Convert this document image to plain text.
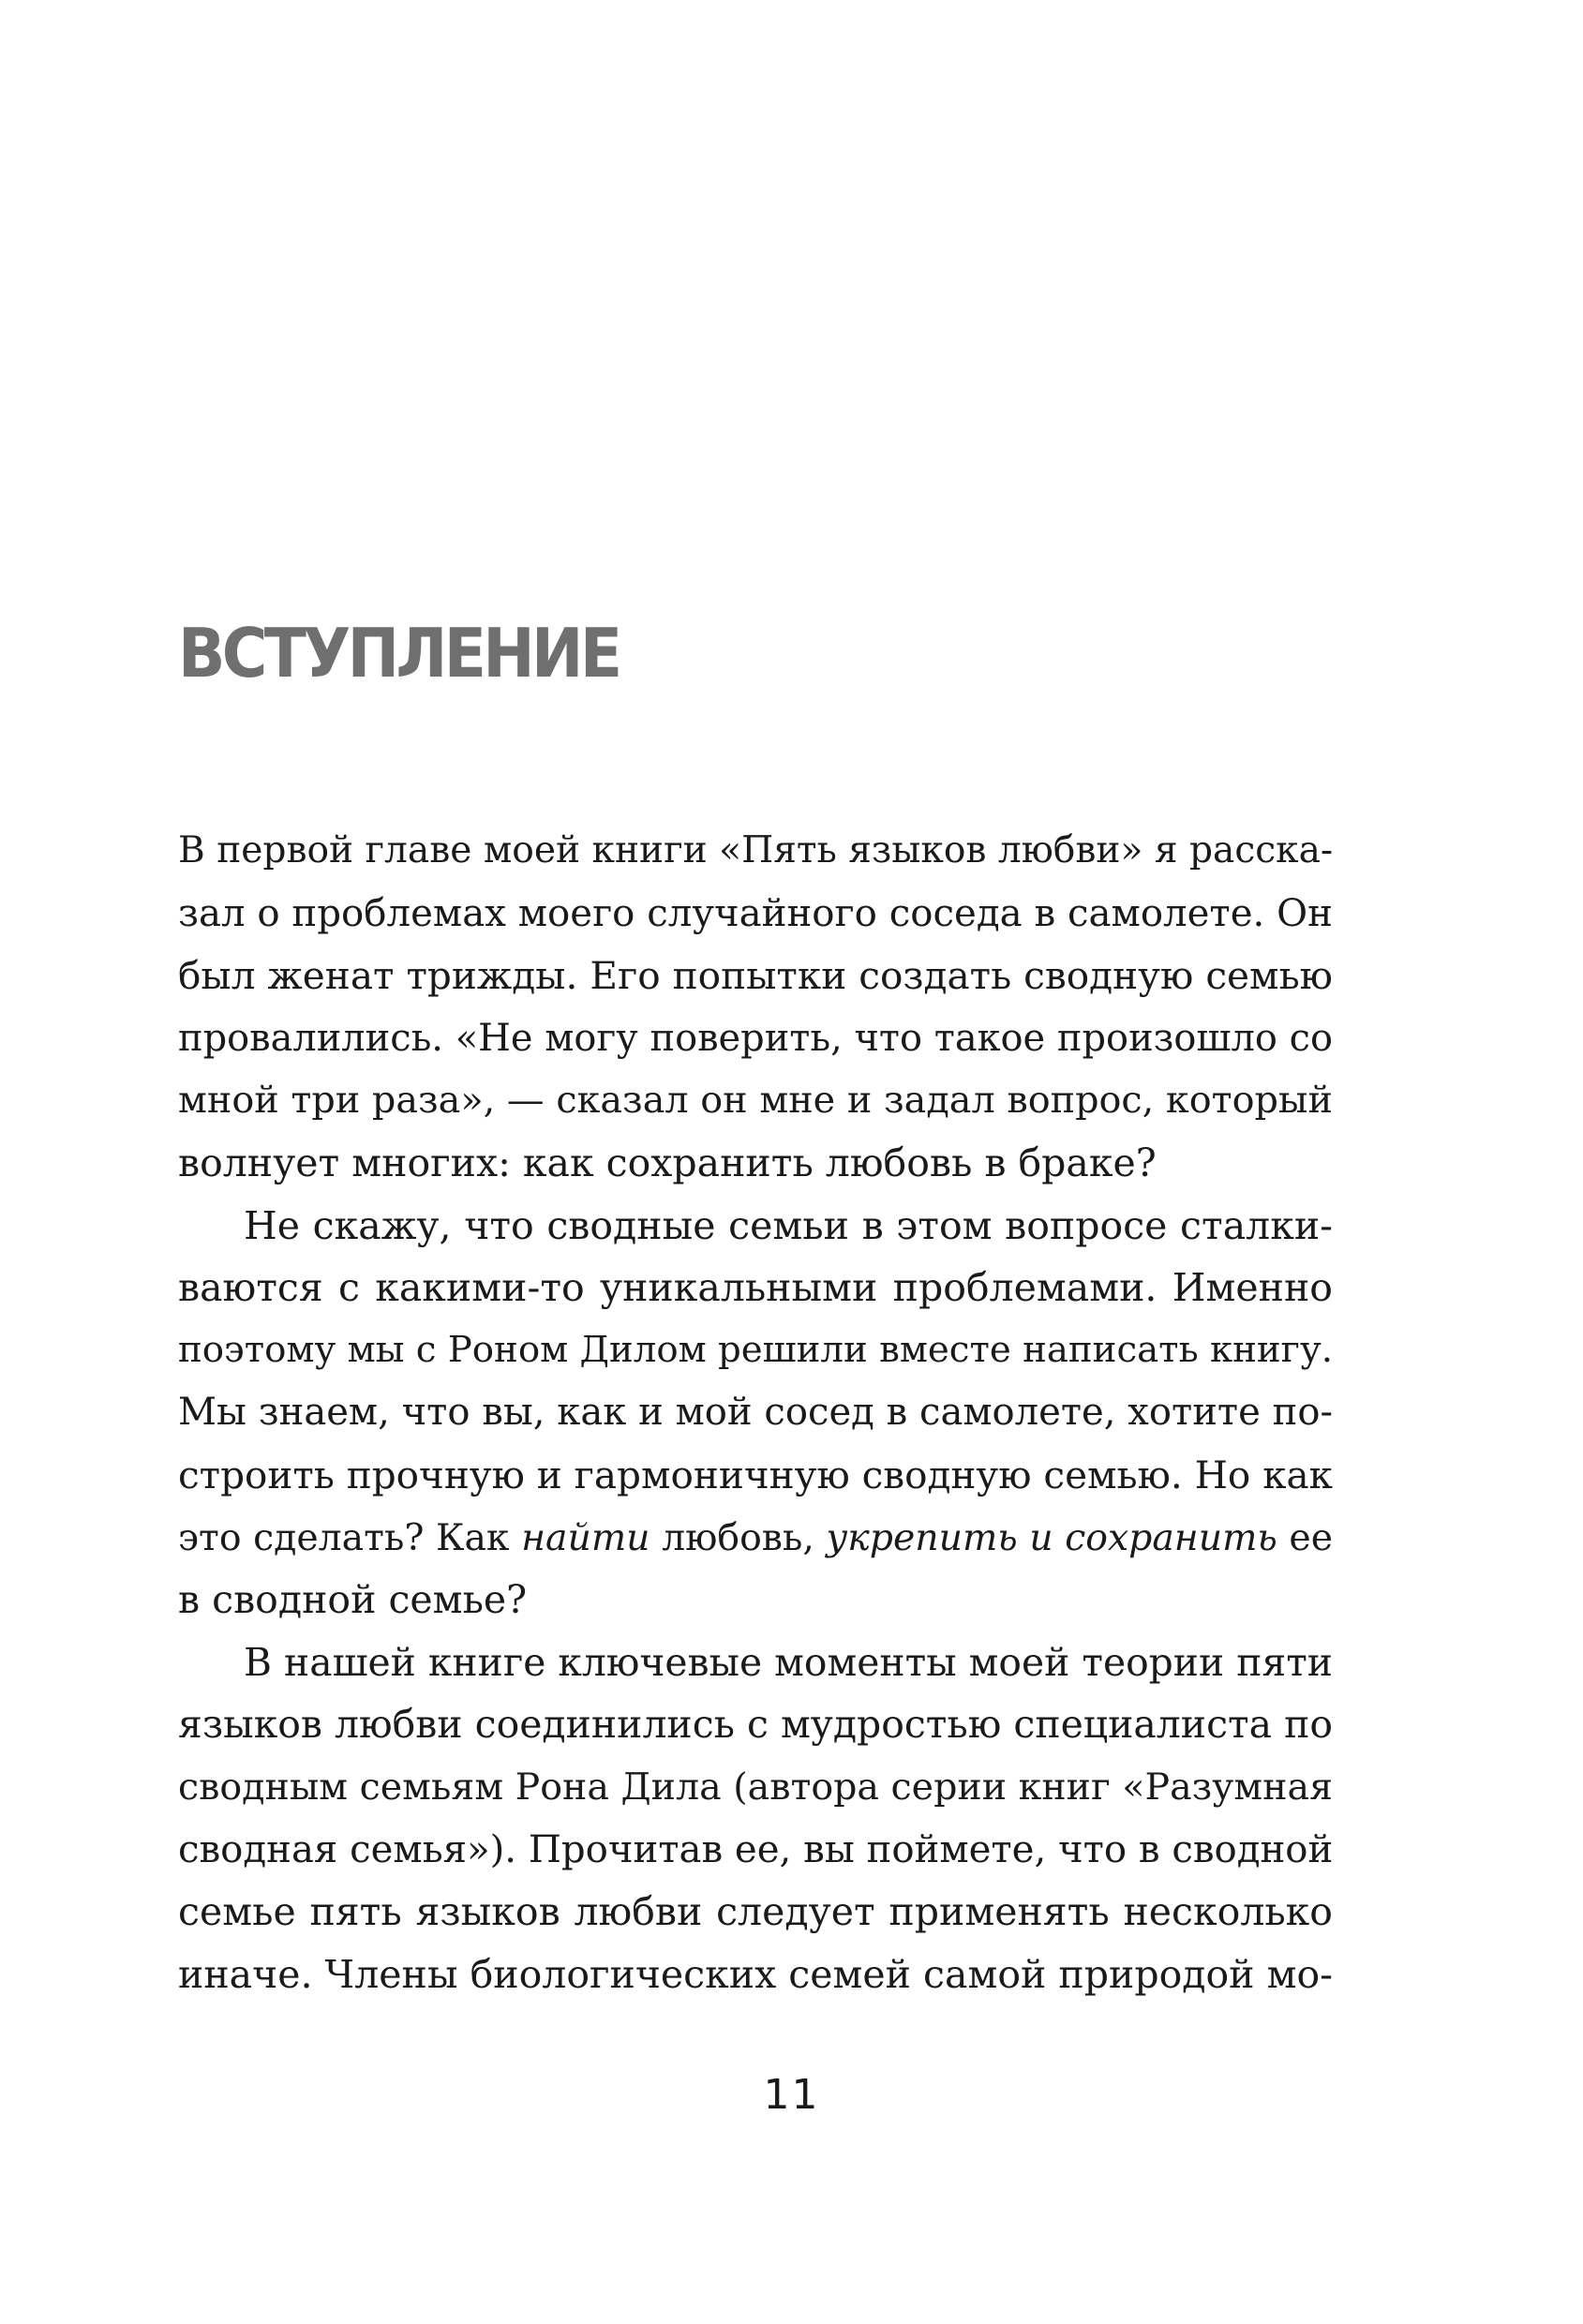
ВСТУПЛЕНИЕ
В первой главе моей книги «Пять языков любви» я расска-
зал о проблемах моего случайного соседа в самолете. Он
был женат трижды. Его попытки создать сводную семью
провалились. «Не могу поверить, что такое произошло со
мной три раза», — сказал он мне и задал вопрос, который
волнует многих: как сохранить любовь в браке?
Не скажу, что сводные семьи в этом вопросе сталки-
ваются с какими-то уникальными проблемами. Именно
поэтому мы с Роном Дилом решили вместе написать книгу.
Мы знаем, что вы, как и мой сосед в самолете, хотите по-
строить прочную и гармоничную сводную семью. Но как
это сделать? Как найти любовь, укрепить и сохранить ее
в сводной семье?
В нашей книге ключевые моменты моей теории пяти
языков любви соединились с мудростью специалиста по
сводным семьям Рона Дила (автора серии книг «Разумная
сводная семья»). Прочитав ее, вы поймете, что в сводной
семье пять языков любви следует применять несколько
иначе. Члены биологических семей самой природой мо-
11
